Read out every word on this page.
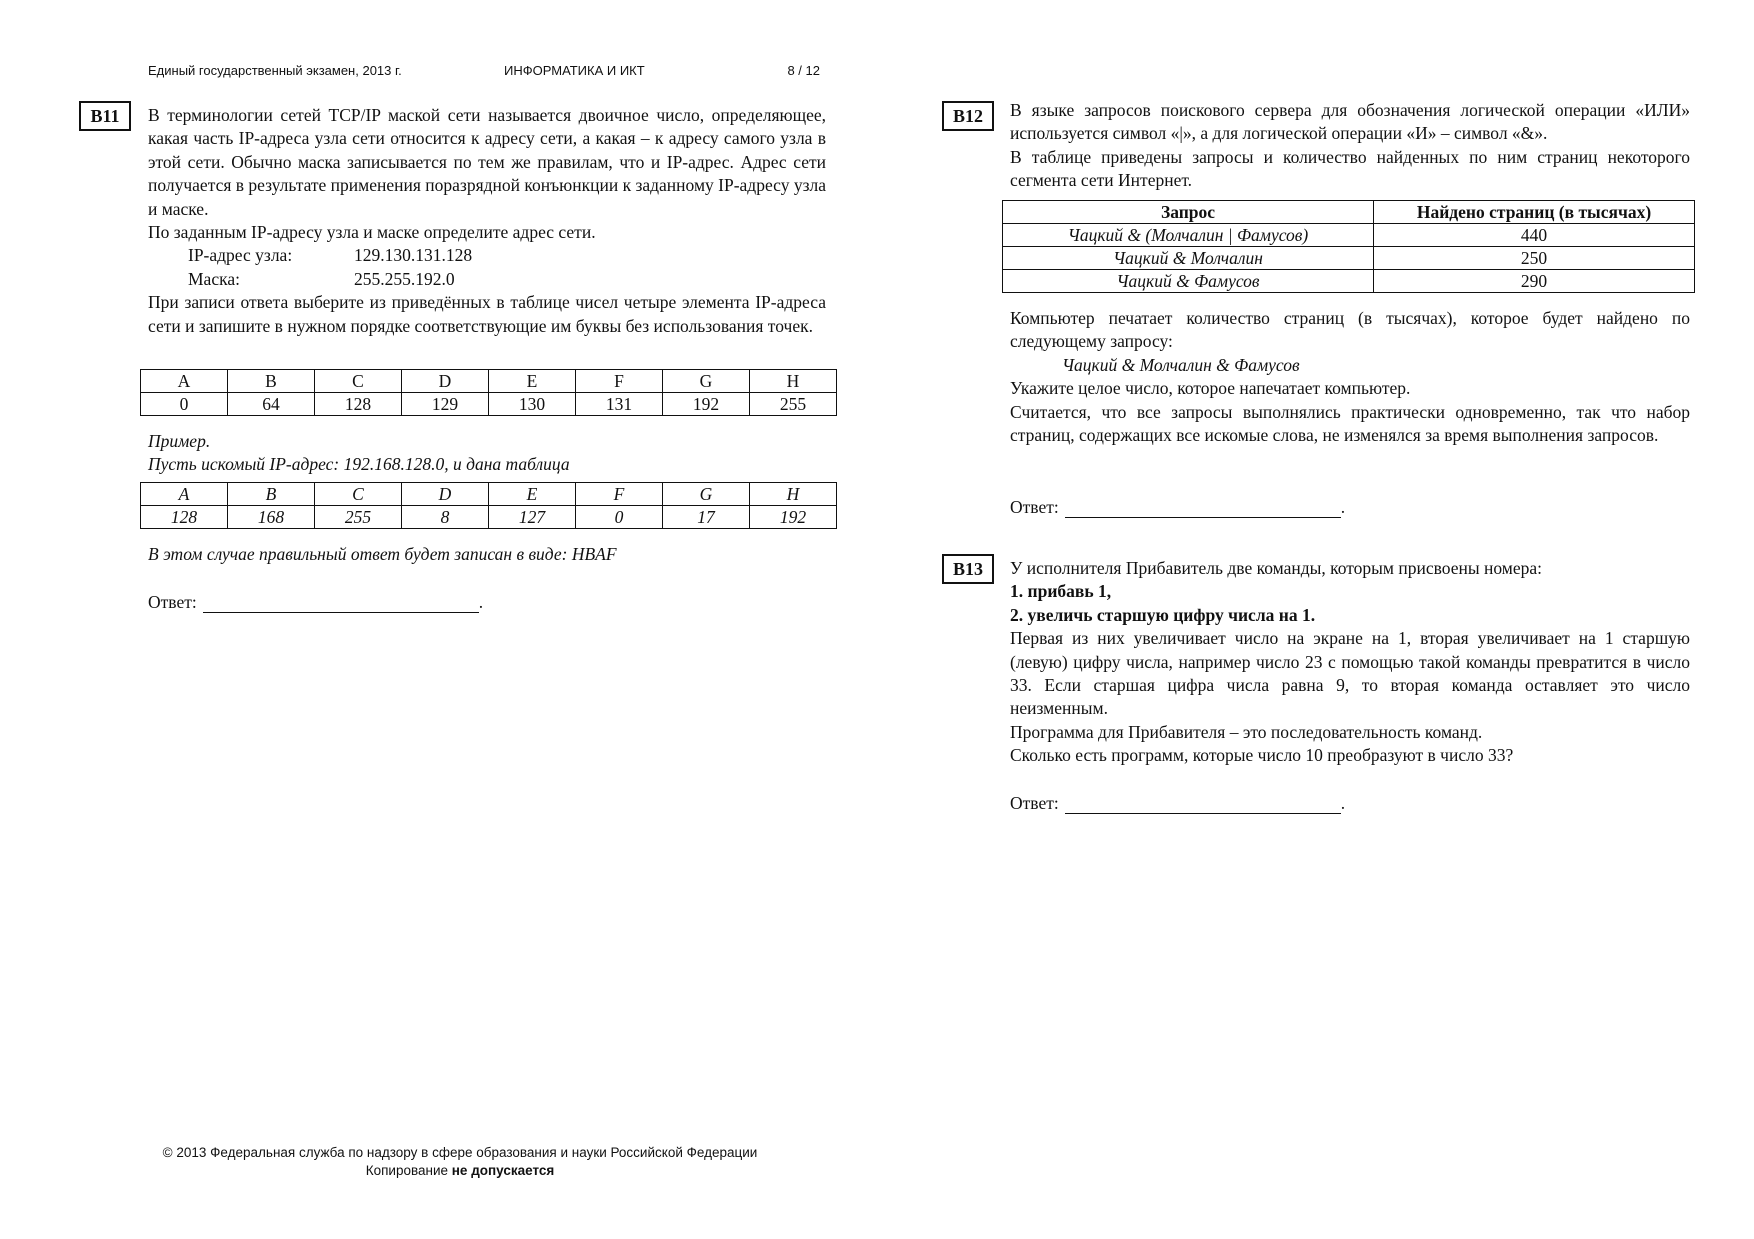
Единый государственный экзамен, 2013 г.	ИНФОРМАТИКА И ИКТ	8 / 12
B11	В терминологии сетей TCP/IP маской сети называется двоичное число, определяющее, какая часть IP-адреса узла сети относится к адресу сети, а какая – к адресу самого узла в этой сети. Обычно маска записывается по тем же правилам, что и IP-адрес. Адрес сети получается в результате применения поразрядной конъюнкции к заданному IP-адресу узла и маске.

По заданным IP-адресу узла и маске определите адрес сети.

IP-адрес узла:	129.130.131.128
Маска:	255.255.192.0

При записи ответа выберите из приведённых в таблице чисел четыре элемента IP-адреса сети и запишите в нужном порядке соответствующие им буквы без использования точек.

A	B	C	D	E	F	G	H
0	64	128	129	130	131	192	255

Пример.

Пусть искомый IP-адрес: 192.168.128.0, и дана таблица

A	B	C	D	E	F	G	H
128	168	255	8	127	0	17	192
В этом случае правильный ответ будет записан в виде: HBAF
Ответ:	.
B12	В языке запросов поискового сервера для обозначения логической операции «ИЛИ» используется символ «|», а для логической операции «И» – символ «&».

В таблице приведены запросы и количество найденных по ним страниц некоторого сегмента сети Интернет.

Запрос	Найдено страниц (в тысячах)
Чацкий & (Молчалин | Фамусов)	440
Чацкий & Молчалин	250
Чацкий & Фамусов	290

Компьютер печатает количество страниц (в тысячах), которое будет найдено по следующему запросу:

Чацкий & Молчалин & Фамусов

Укажите целое число, которое напечатает компьютер.

Считается, что все запросы выполнялись практически одновременно, так что набор страниц, содержащих все искомые слова, не изменялся за время выполнения запросов.

Ответ:	.
B13	У исполнителя Прибавитель две команды, которым присвоены номера:

1. прибавь 1,

2. увеличь старшую цифру числа на 1.

Первая из них увеличивает число на экране на 1, вторая увеличивает на 1 старшую (левую) цифру числа, например число 23 с помощью такой команды превратится в число 33. Если старшая цифра числа равна 9, то вторая команда оставляет это число неизменным.

Программа для Прибавителя – это последовательность команд.

Сколько есть программ, которые число 10 преобразуют в число 33?

Ответ:	.
© 2013 Федеральная служба по надзору в сфере образования и науки Российской Федерации
Копирование не допускается
